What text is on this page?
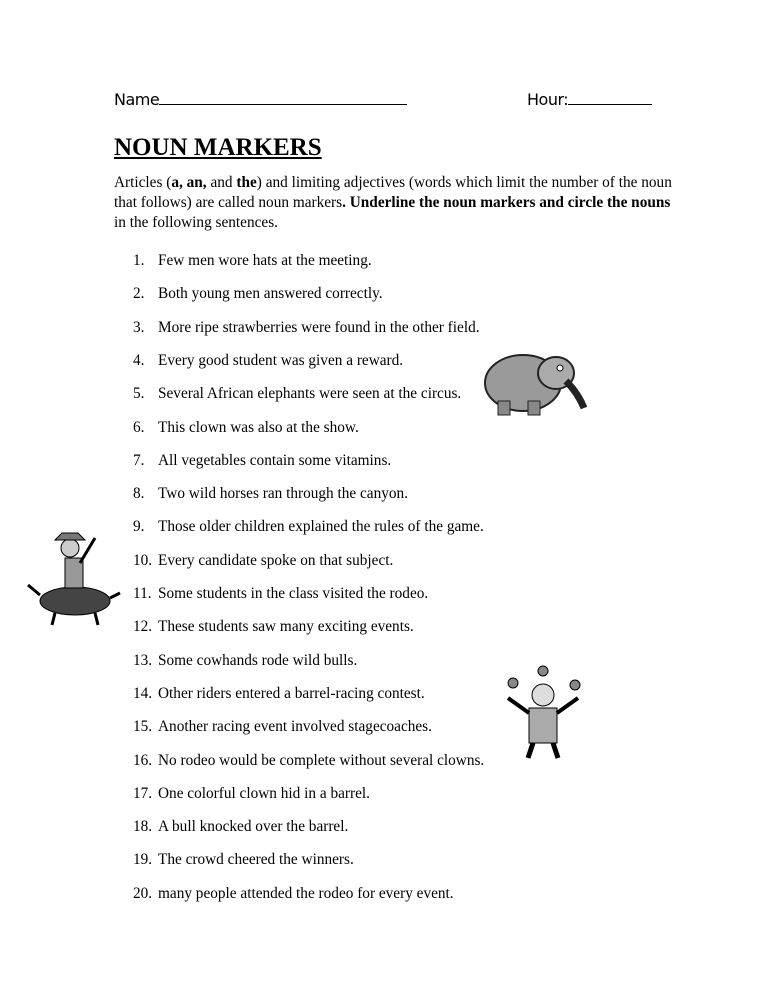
Name	Hour:
NOUN MARKERS

Articles (a, an, and the) and limiting adjectives (words which limit the number of the noun that follows) are called noun markers. Underline the noun markers and circle the nouns in the following sentences.

1. Few men wore hats at the meeting.
2. Both young men answered correctly.
3. More ripe strawberries were found in the other field.
4. Every good student was given a reward.
5. Several African elephants were seen at the circus.
6. This clown was also at the show.
7. All vegetables contain some vitamins.
8. Two wild horses ran through the canyon.
9. Those older children explained the rules of the game.
10. Every candidate spoke on that subject.
11. Some students in the class visited the rodeo.
12. These students saw many exciting events.
13. Some cowhands rode wild bulls.
14. Other riders entered a barrel-racing contest.
15. Another racing event involved stagecoaches.
16. No rodeo would be complete without several clowns.
17. One colorful clown hid in a barrel.
18. A bull knocked over the barrel.
19. The crowd cheered the winners.
20. many people attended the rodeo for every event.
